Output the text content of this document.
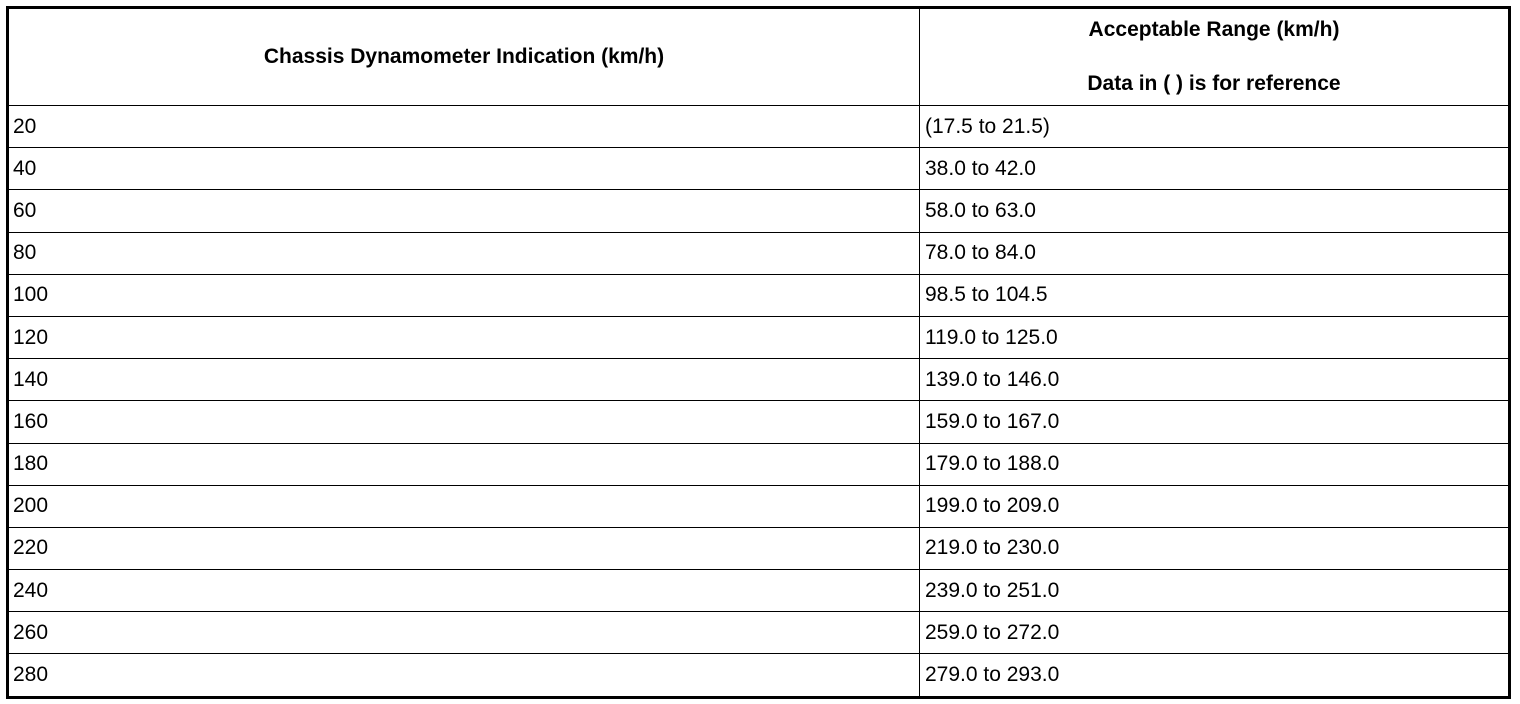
Chassis Dynamometer Indication (km/h)	Acceptable Range (km/h)
Data in ( ) is for reference

20	(17.5 to 21.5)
40	38.0 to 42.0
60	58.0 to 63.0
80	78.0 to 84.0
100	98.5 to 104.5
120	119.0 to 125.0
140	139.0 to 146.0
160	159.0 to 167.0
180	179.0 to 188.0
200	199.0 to 209.0
220	219.0 to 230.0
240	239.0 to 251.0
260	259.0 to 272.0
280	279.0 to 293.0
